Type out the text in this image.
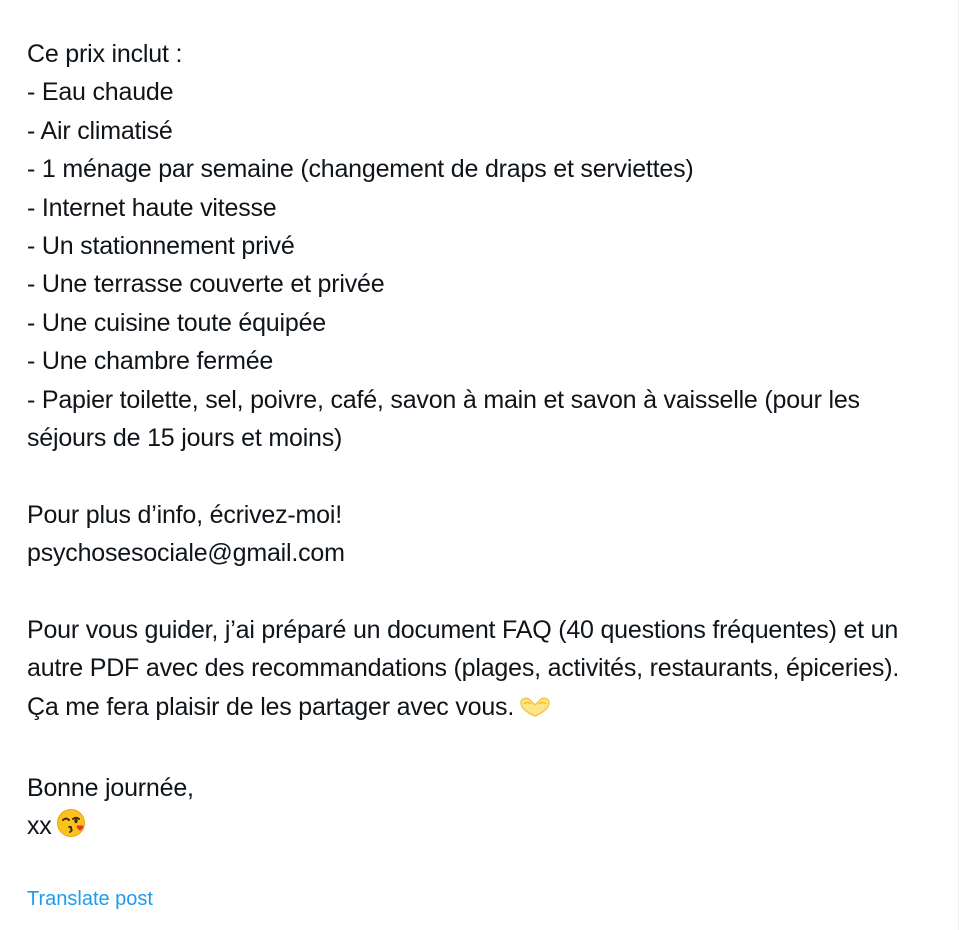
Ce prix inclut :
- Eau chaude
- Air climatisé
- 1 ménage par semaine (changement de draps et serviettes)
- Internet haute vitesse
- Un stationnement privé
- Une terrasse couverte et privée
- Une cuisine toute équipée
- Une chambre fermée
- Papier toilette, sel, poivre, café, savon à main et savon à vaisselle (pour les séjours de 15 jours et moins)
Pour plus d’info, écrivez-moi!
psychosesociale@gmail.com
Pour vous guider, j’ai préparé un document FAQ (40 questions fréquentes) et un autre PDF avec des recommandations (plages, activités, restaurants, épiceries). Ça me fera plaisir de les partager avec vous.
Bonne journée,
xx
Translate post
